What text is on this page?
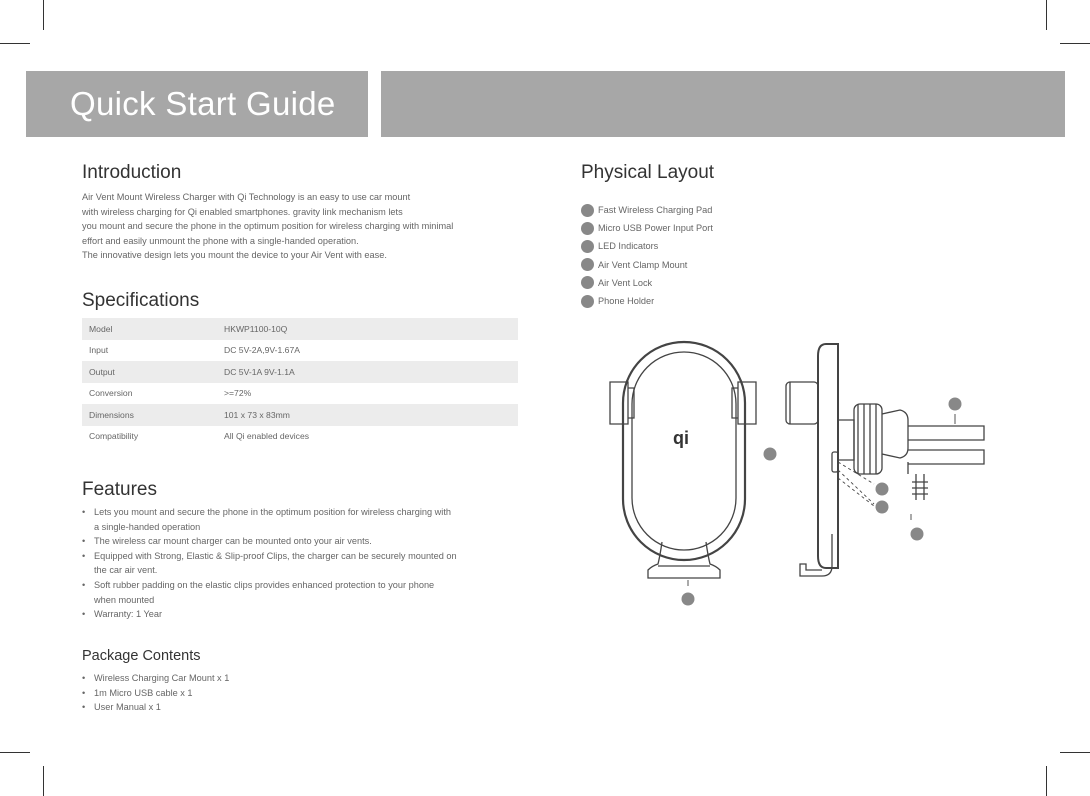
Quick Start Guide
Introduction
Air Vent Mount Wireless Charger with Qi Technology is an easy to use car mount
with wireless charging for Qi enabled smartphones. gravity link mechanism lets
you mount and secure the phone in the optimum position for wireless charging with minimal
effort and easily unmount the phone with a single-handed operation.
The innovative design lets you mount the device to your Air Vent with ease.
Specifications
Model	HKWP1100-10Q
Input	DC 5V-2A,9V-1.67A
Output	DC 5V-1A 9V-1.1A
Conversion	>=72%
Dimensions	101 x 73 x 83mm
Compatibility	All Qi enabled devices
Features
• Lets you mount and secure the phone in the optimum position for wireless charging with
a single-handed operation
• The wireless car mount charger can be mounted onto your air vents.
• Equipped with Strong, Elastic & Slip-proof Clips, the charger can be securely mounted on
the car air vent.
• Soft rubber padding on the elastic clips provides enhanced protection to your phone
when mounted
• Warranty: 1 Year
Package Contents
• Wireless Charging Car Mount x 1
• 1m Micro USB cable x 1
• User Manual x 1
Physical Layout
Fast Wireless Charging Pad
Micro USB Power Input Port
LED Indicators
Air Vent Clamp Mount
Air Vent Lock
Phone Holder
qi
